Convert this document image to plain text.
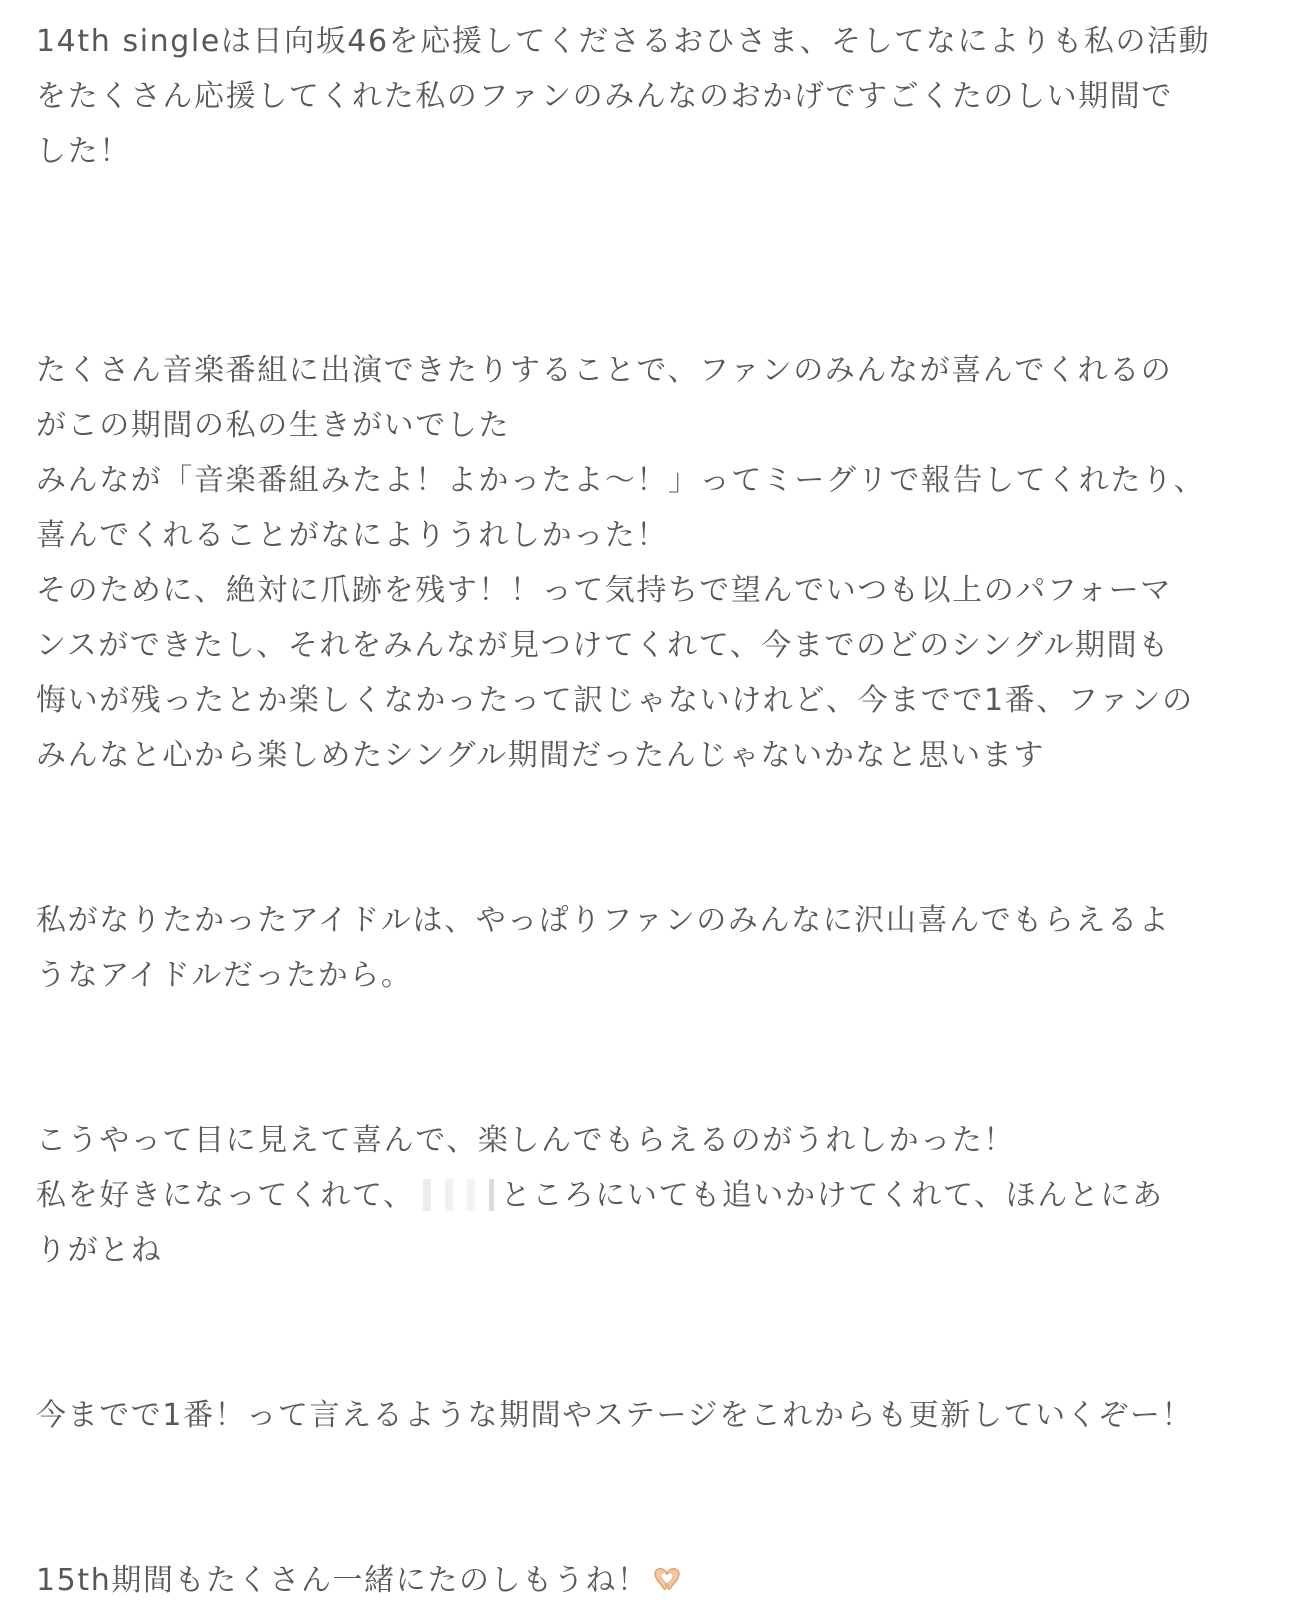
14th singleは日向坂46を応援してくださるおひさま、そしてなによりも私の活動
をたくさん応援してくれた私のファンのみんなのおかげですごくたのしい期間で
した！

たくさん音楽番組に出演できたりすることで、ファンのみんなが喜んでくれるの
がこの期間の私の生きがいでした
みんなが「音楽番組みたよ！よかったよ〜！」ってミーグリで報告してくれたり、
喜んでくれることがなによりうれしかった！
そのために、絶対に爪跡を残す！！って気持ちで望んでいつも以上のパフォーマ
ンスができたし、それをみんなが見つけてくれて、今までのどのシングル期間も
悔いが残ったとか楽しくなかったって訳じゃないけれど、今までで1番、ファンの
みんなと心から楽しめたシングル期間だったんじゃないかなと思います

私がなりたかったアイドルは、やっぱりファンのみんなに沢山喜んでもらえるよ
うなアイドルだったから。

こうやって目に見えて喜んで、楽しんでもらえるのがうれしかった！
私を好きになってくれて、	ところにいても追いかけてくれて、ほんとにあ
りがとね

今までで1番！って言えるような期間やステージをこれからも更新していくぞー！

15th期間もたくさん一緒にたのしもうね！
